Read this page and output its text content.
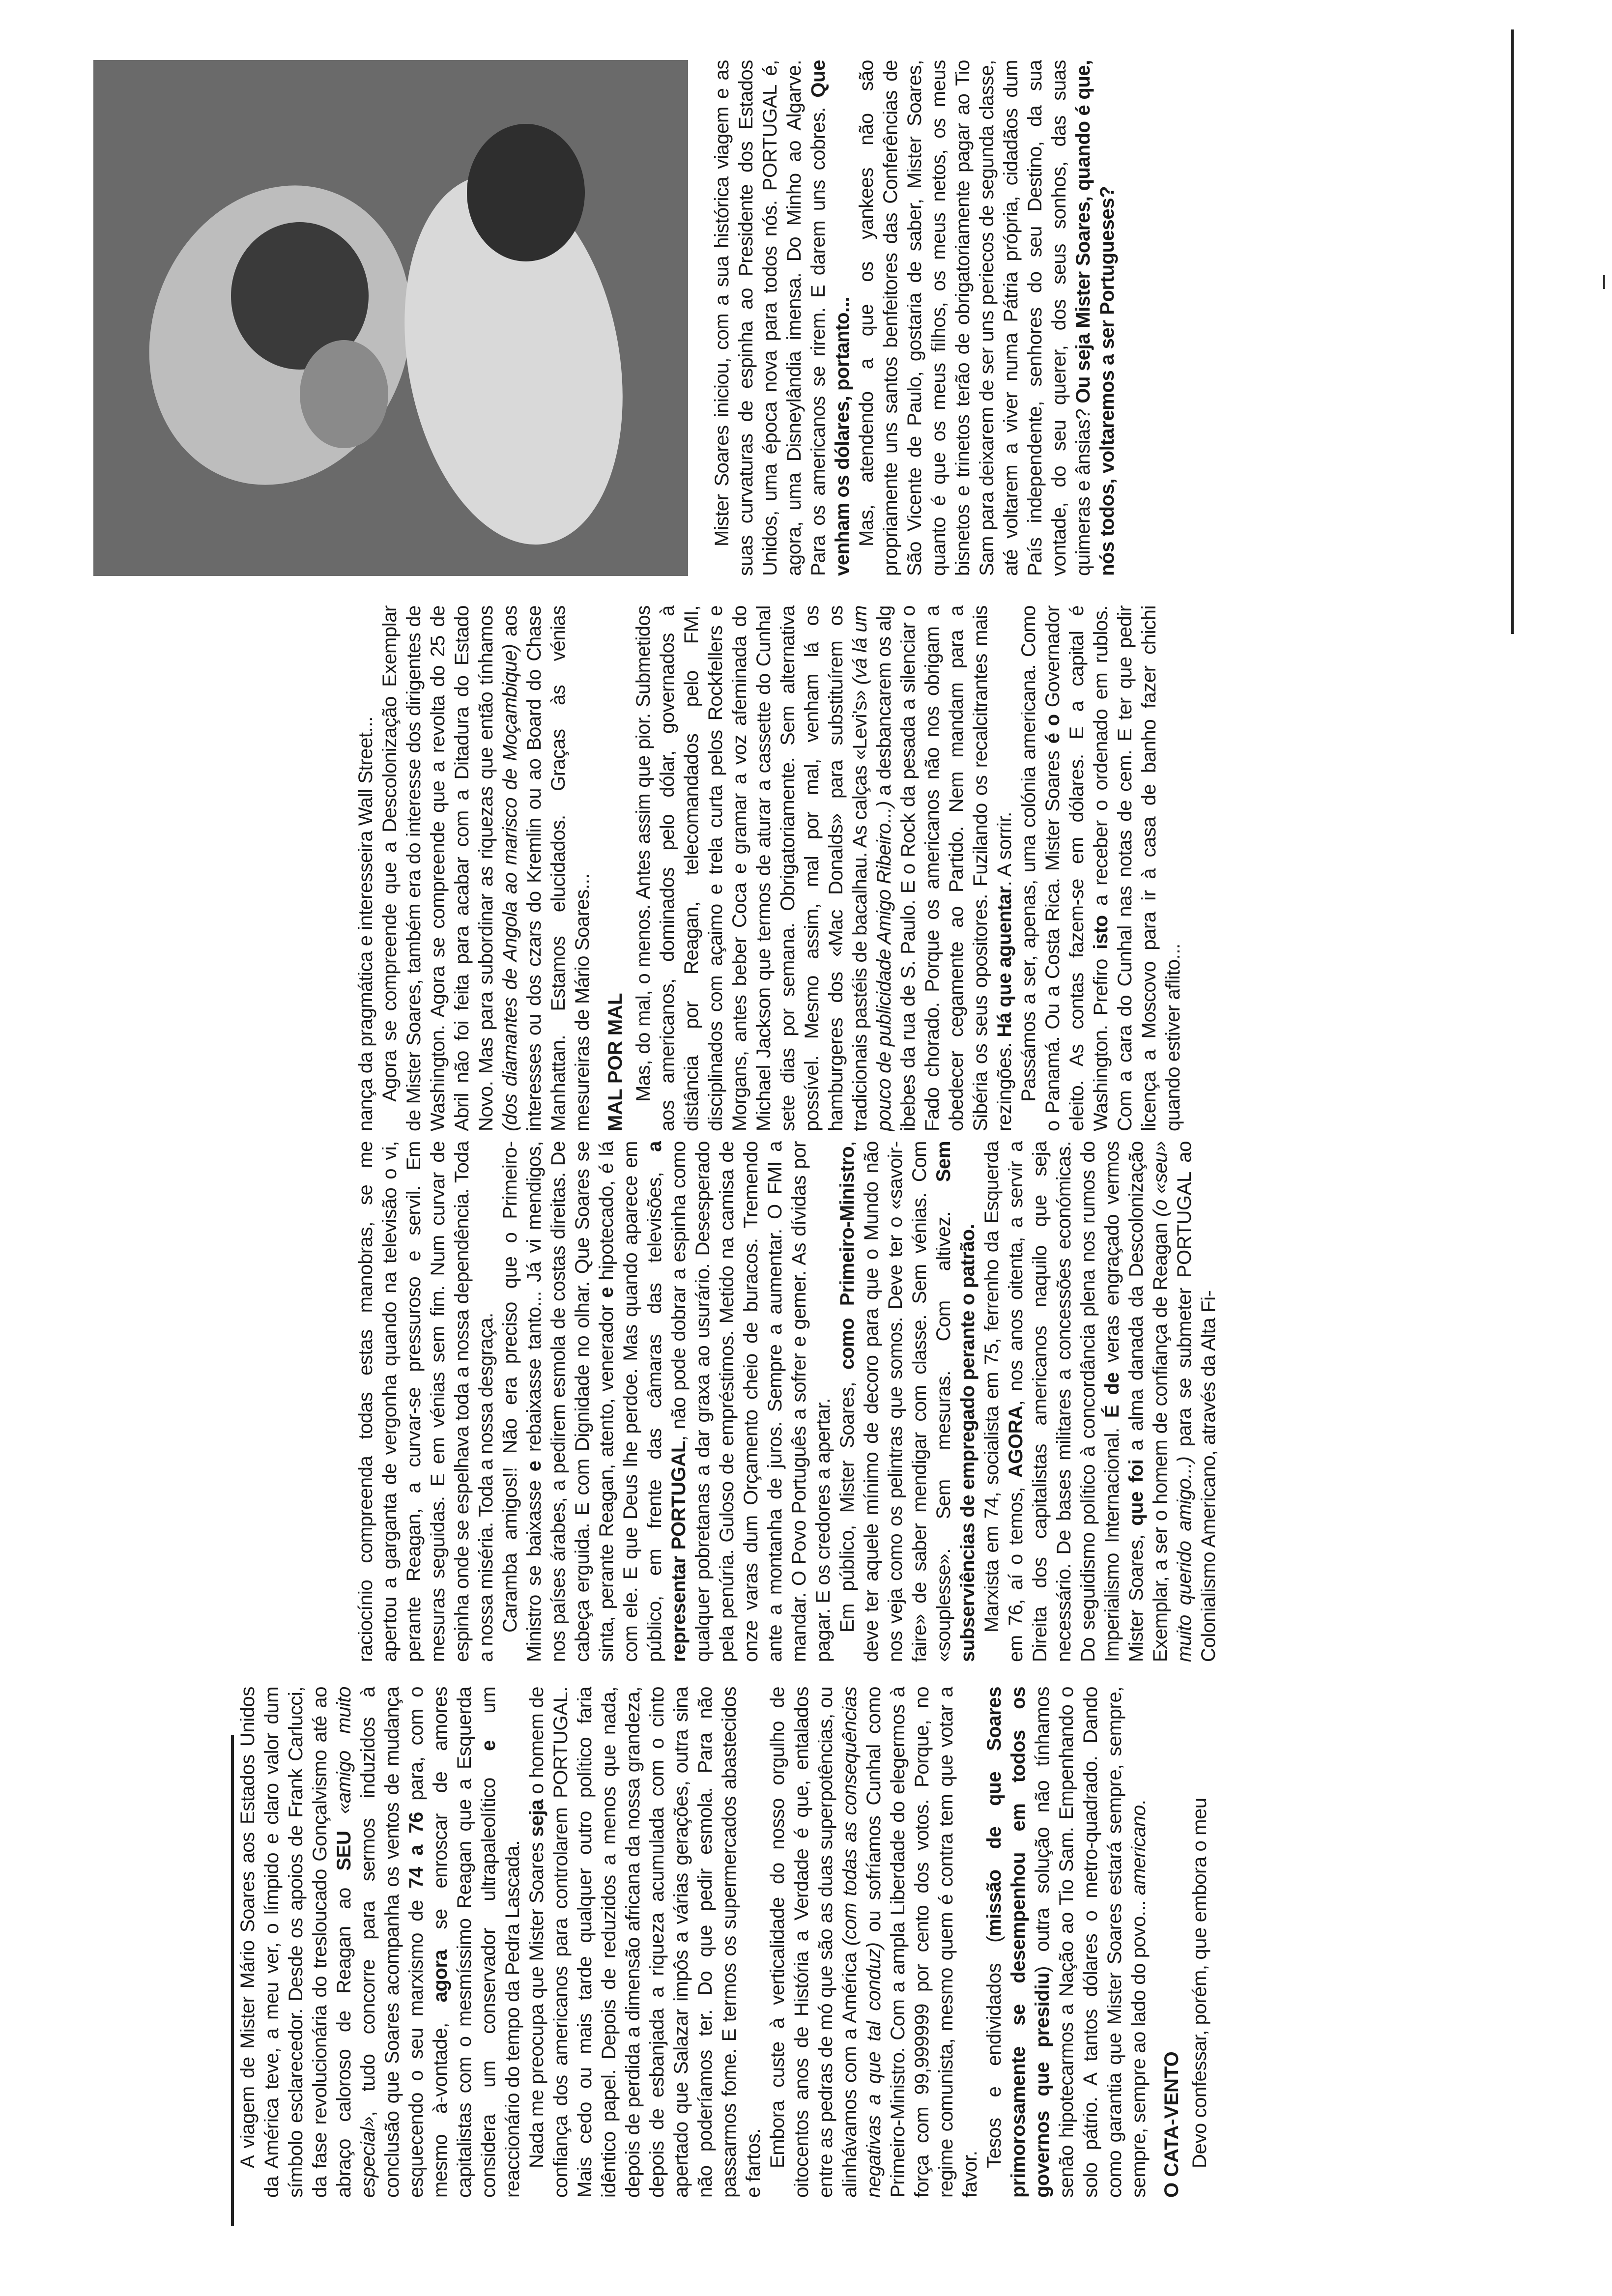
A viagem de Mister Mário Soares aos Estados Unidos da América teve, a meu ver, o límpido e claro valor dum símbolo esclarecedor. Desde os apoios de Frank Carlucci, da fase revolucionária do tresloucado Gonçalvismo até ao abraço caloroso de Reagan ao SEU «amigo muito especial», tudo concorre para sermos induzidos à conclusão que Soares acompanha os ventos de mudança esquecendo o seu marxismo de 74 a 76 para, com o mesmo à-vontade, agora se enroscar de amores capitalistas com o mesmíssimo Reagan que a Esquerda considera um conservador ultrapaleolítico e um reaccionário do tempo da Pedra Lascada. Nada me preocupa que Mister Soares seja o homem de confiança dos americanos para controlarem PORTUGAL. Mais cedo ou mais tarde qualquer outro político faria idêntico papel. Depois de reduzidos a menos que nada, depois de perdida a dimensão africana da nossa grandeza, depois de esbanjada a riqueza acumulada com o cinto apertado que Salazar impôs a várias gerações, outra sina não poderíamos ter. Do que pedir esmola. Para não passarmos fome. E termos os supermercados abastecidos e fartos. Embora custe à verticalidade do nosso orgulho de oitocentos anos de História a Verdade é que, entalados entre as pedras de mó que são as duas superpotências, ou alinhávamos com a América (com todas as consequências negativas a que tal conduz) ou sofríamos Cunhal como Primeiro-Ministro. Com a ampla Liberdade do elegermos à força com 99,999999 por cento dos votos. Porque, no regime comunista, mesmo quem é contra tem que votar a favor.

Tesos e endividados (missão de que Soares primorosamente se desempenhou em todos os governos que presidiu) outra solução não tínhamos senão hipotecarmos a Nação ao Tio Sam. Empenhando o solo pátrio. A tantos dólares o metro-quadrado. Dando como garantia que Mister Soares estará sempre, sempre, sempre, sempre ao lado do povo... americano.

O CATA-VENTO Devo confessar, porém, que embora o meu

raciocínio compreenda todas estas manobras, se me apertou a garganta de vergonha quando na televisão o vi, perante Reagan, a curvar-se pressuroso e servil. Em mesuras seguidas. E em vénias sem fim. Num curvar de espinha onde se espelhava toda a nossa dependência. Toda a nossa miséria. Toda a nossa desgraça. Caramba amigos!! Não era preciso que o Primeiro-Ministro se baixasse e rebaixasse tanto... Já vi mendigos, nos países árabes, a pedirem esmola de costas direitas. De cabeça erguida. E com Dignidade no olhar. Que Soares se sinta, perante Reagan, atento, venerador e hipotecado, é lá com ele. E que Deus lhe perdoe. Mas quando aparece em público, em frente das câmaras das televisões, a representar PORTUGAL, não pode dobrar a espinha como qualquer pobretanas a dar graxa ao usurário. Desesperado pela penúria. Guloso de empréstimos. Metido na camisa de onze varas dum Orçamento cheio de buracos. Tremendo ante a montanha de juros. Sempre a aumentar. O FMI a mandar. O Povo Português a sofrer e gemer. As dívidas por pagar. E os credores a apertar. Em público, Mister Soares, como Primeiro-Ministro, deve ter aquele mínimo de decoro para que o Mundo não nos veja como os pelintras que somos. Deve ter o «savoir-faire» de saber mendigar com classe. Sem vénias. Com «souplesse». Sem mesuras. Com altivez. Sem subserviências de empregado perante o patrão. Marxista em 74, socialista em 75, ferrenho da Esquerda em 76, aí o temos, AGORA, nos anos oitenta, a servir a Direita dos capitalistas americanos naquilo que seja necessário. De bases militares a concessões económicas. Do seguidismo político à concordância plena nos rumos do Imperialismo Internacional. É de veras engraçado vermos Mister Soares, que foi a alma danada da Descolonização Exemplar, a ser o homem de confiança de Reagan (o «seu» muito querido amigo...) para se submeter PORTUGAL ao Colonialismo Americano, através da Alta Fi-

nança da pragmática e interesseira Wall Street... Agora se compreende que a Descolonização Exemplar de Mister Soares, também era do interesse dos dirigentes de Washington. Agora se compreende que a revolta do 25 de Abril não foi feita para acabar com a Ditadura do Estado Novo. Mas para subordinar as riquezas que então tínhamos (dos diamantes de Angola ao marisco de Moçambique) aos interesses ou dos czars do Kremlin ou ao Board do Chase Manhattan. Estamos elucidados. Graças às vénias mesureiras de Mário Soares... MAL POR MAL Mas, do mal, o menos. Antes assim que pior. Submetidos aos americanos, dominados pelo dólar, governados à distância por Reagan, telecomandados pelo FMI, disciplinados com açaimo e trela curta pelos Rockfellers e Morgans, antes beber Coca e gramar a voz afeminada do Michael Jackson que termos de aturar a cassette do Cunhal sete dias por semana. Obrigatoriamente. Sem alternativa possível. Mesmo assim, mal por mal, venham lá os hamburgeres dos «Mac Donalds» para substituírem os tradicionais pastéis de bacalhau. As calças «Levi's» (vá lá um pouco de publicidade Amigo Ribeiro...) a desbancarem os alg ibebes da rua de S. Paulo. E o Rock da pesada a silenciar o Fado chorado. Porque os americanos não nos obrigam a obedecer cegamente ao Partido. Nem mandam para a Sibéria os seus opositores. Fuzilando os recalcitrantes mais rezingões. Há que aguentar. A sorrir. Passámos a ser, apenas, uma colónia americana. Como o Panamá. Ou a Costa Rica. Mister Soares é o Governador eleito. As contas fazem-se em dólares. E a capital é Washington. Prefiro isto a receber o ordenado em rublos. Com a cara do Cunhal nas notas de cem. E ter que pedir licença a Moscovo para ir à casa de banho fazer chichi quando estiver aflito...

Mister Soares iniciou, com a sua histórica viagem e as suas curvaturas de espinha ao Presidente dos Estados Unidos, uma época nova para todos nós. PORTUGAL é, agora, uma Disneylândia imensa. Do Minho ao Algarve. Para os americanos se rirem. E darem uns cobres. Que venham os dólares, portanto... Mas, atendendo a que os yankees não são propriamente uns santos benfeitores das Conferências de São Vicente de Paulo, gostaria de saber, Mister Soares, quanto é que os meus filhos, os meus netos, os meus bisnetos e trinetos terão de obrigatoriamente pagar ao Tio Sam para deixarem de ser uns periecos de segunda classe, até voltarem a viver numa Pátria própria, cidadãos dum País independente, senhores do seu Destino, da sua vontade, do seu querer, dos seus sonhos, das suas quimeras e ânsias? Ou seja Mister Soares, quando é que, nós todos, voltaremos a ser Portugueses?
